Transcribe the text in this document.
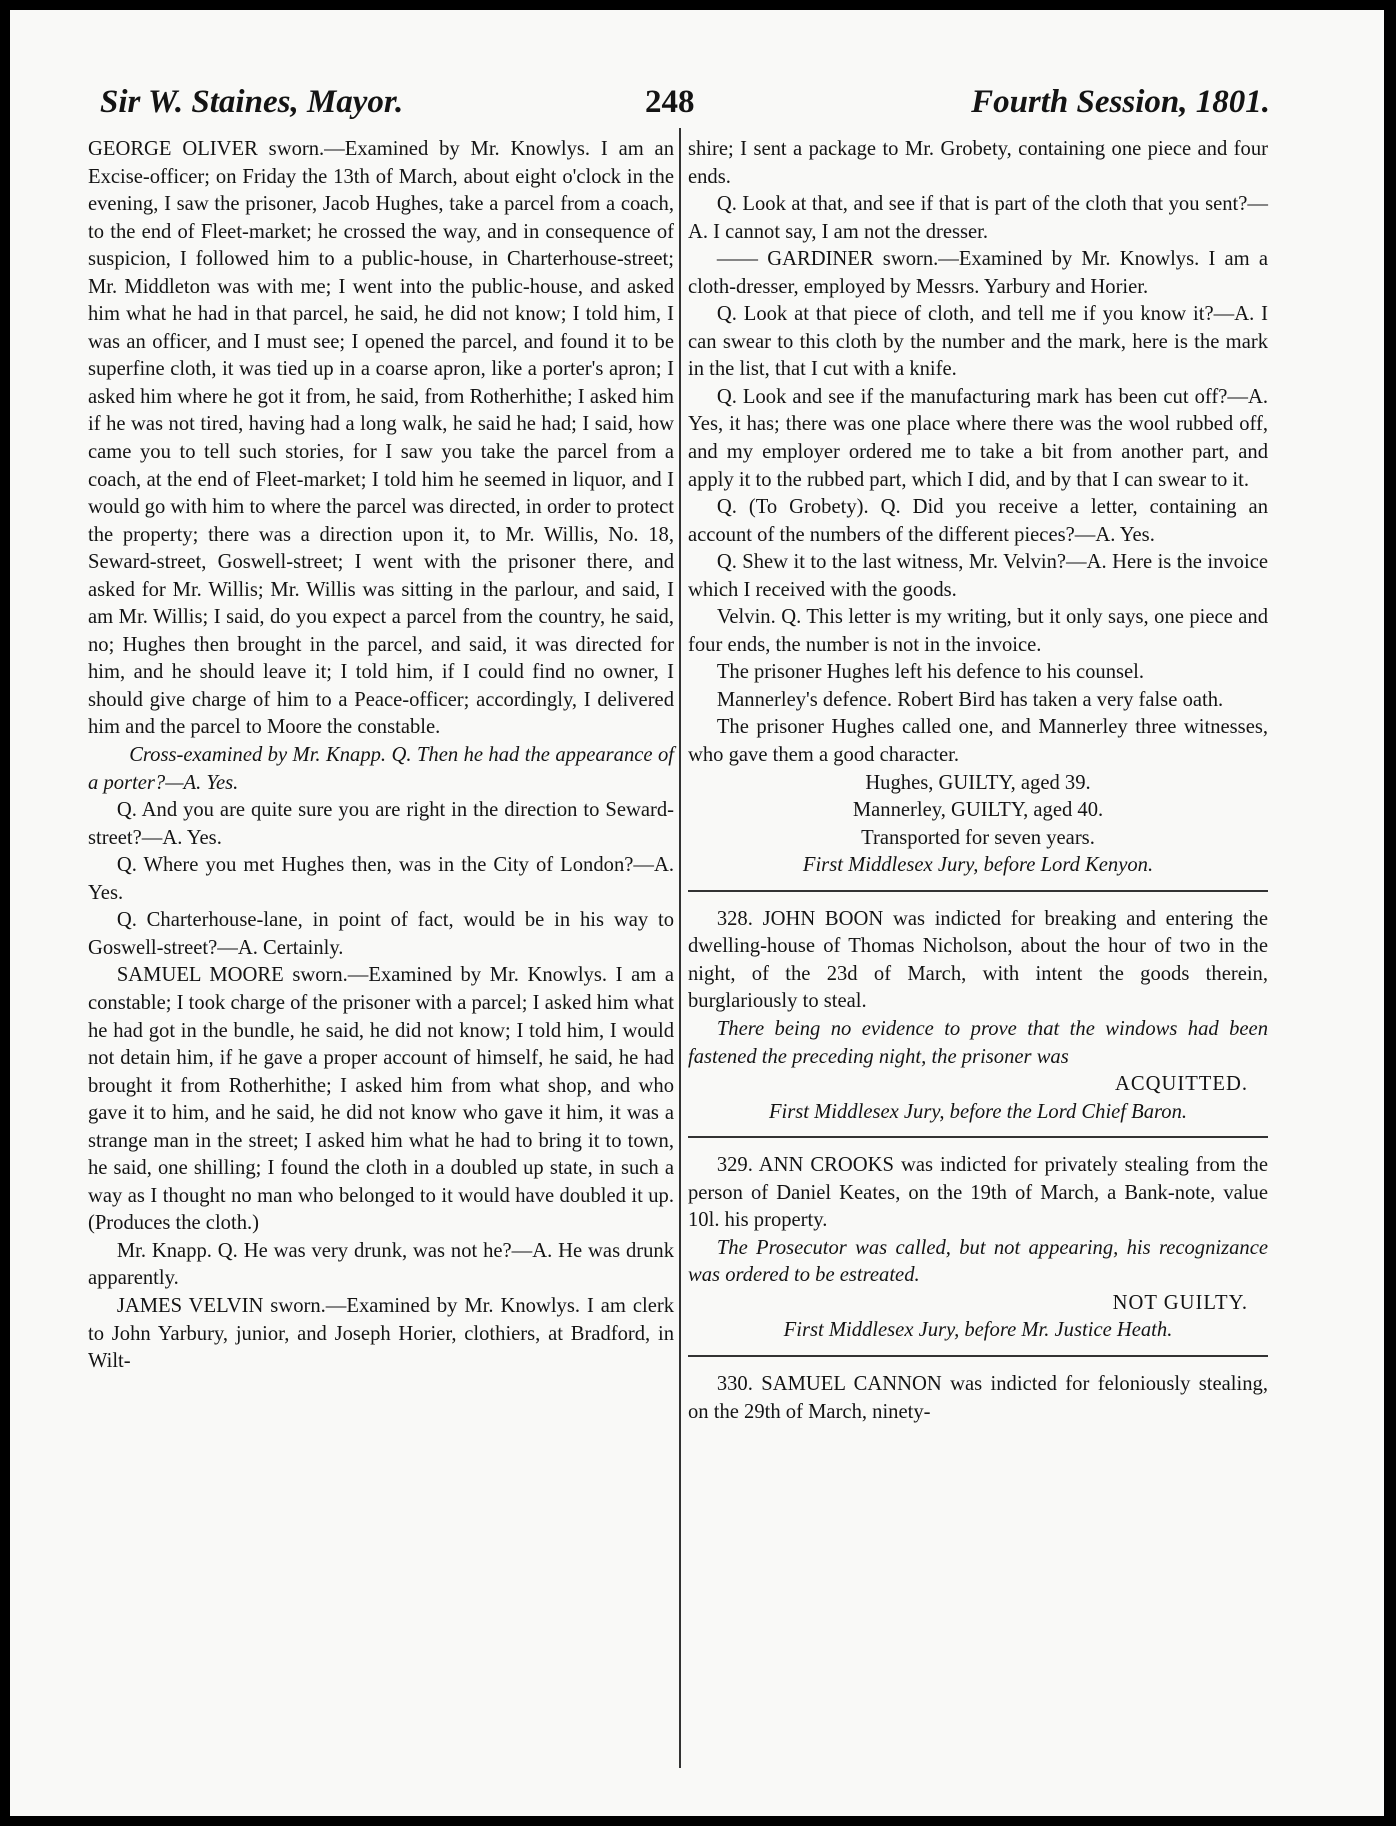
Sir W. Staines, Mayor.	248	Fourth Session, 1801.

GEORGE OLIVER sworn.—Examined by Mr. Knowlys. I am an Excise-officer; on Friday the 13th of March, about eight o'clock in the evening, I saw the prisoner, Jacob Hughes, take a parcel from a coach, to the end of Fleet-market; he crossed the way, and in consequence of suspicion, I followed him to a public-house, in Charterhouse-street; Mr. Middleton was with me; I went into the public-house, and asked him what he had in that parcel, he said, he did not know; I told him, I was an officer, and I must see; I opened the parcel, and found it to be superfine cloth, it was tied up in a coarse apron, like a porter's apron; I asked him where he got it from, he said, from Rotherhithe; I asked him if he was not tired, having had a long walk, he said he had; I said, how came you to tell such stories, for I saw you take the parcel from a coach, at the end of Fleet-market; I told him he seemed in liquor, and I would go with him to where the parcel was directed, in order to protect the property; there was a direction upon it, to Mr. Willis, No. 18, Seward-street, Goswell-street; I went with the prisoner there, and asked for Mr. Willis; Mr. Willis was sitting in the parlour, and said, I am Mr. Willis; I said, do you expect a parcel from the country, he said, no; Hughes then brought in the parcel, and said, it was directed for him, and he should leave it; I told him, if I could find no owner, I should give charge of him to a Peace-officer; accordingly, I delivered him and the parcel to Moore the constable.

Cross-examined by Mr. Knapp. Q. Then he had the appearance of a porter?—A. Yes.

Q. And you are quite sure you are right in the direction to Seward-street?—A. Yes.

Q. Where you met Hughes then, was in the City of London?—A. Yes.

Q. Charterhouse-lane, in point of fact, would be in his way to Goswell-street?—A. Certainly.

SAMUEL MOORE sworn.—Examined by Mr. Knowlys. I am a constable; I took charge of the prisoner with a parcel; I asked him what he had got in the bundle, he said, he did not know; I told him, I would not detain him, if he gave a proper account of himself, he said, he had brought it from Rotherhithe; I asked him from what shop, and who gave it to him, and he said, he did not know who gave it him, it was a strange man in the street; I asked him what he had to bring it to town, he said, one shilling; I found the cloth in a doubled up state, in such a way as I thought no man who belonged to it would have doubled it up. (Produces the cloth.)

Mr. Knapp. Q. He was very drunk, was not he?—A. He was drunk apparently.

JAMES VELVIN sworn.—Examined by Mr. Knowlys. I am clerk to John Yarbury, junior, and Joseph Horier, clothiers, at Bradford, in Wilt-

shire; I sent a package to Mr. Grobety, containing one piece and four ends.

Q. Look at that, and see if that is part of the cloth that you sent?—A. I cannot say, I am not the dresser.

—— GARDINER sworn.—Examined by Mr. Knowlys. I am a cloth-dresser, employed by Messrs. Yarbury and Horier.

Q. Look at that piece of cloth, and tell me if you know it?—A. I can swear to this cloth by the number and the mark, here is the mark in the list, that I cut with a knife.

Q. Look and see if the manufacturing mark has been cut off?—A. Yes, it has; there was one place where there was the wool rubbed off, and my employer ordered me to take a bit from another part, and apply it to the rubbed part, which I did, and by that I can swear to it.

Q. (To Grobety). Q. Did you receive a letter, containing an account of the numbers of the different pieces?—A. Yes.

Q. Shew it to the last witness, Mr. Velvin?—A. Here is the invoice which I received with the goods.

Velvin. Q. This letter is my writing, but it only says, one piece and four ends, the number is not in the invoice.

The prisoner Hughes left his defence to his counsel.

Mannerley's defence. Robert Bird has taken a very false oath.

The prisoner Hughes called one, and Mannerley three witnesses, who gave them a good character.

Hughes, GUILTY, aged 39.

Mannerley, GUILTY, aged 40.

Transported for seven years.

First Middlesex Jury, before Lord Kenyon.

328. JOHN BOON was indicted for breaking and entering the dwelling-house of Thomas Nicholson, about the hour of two in the night, of the 23d of March, with intent the goods therein, burglariously to steal.

There being no evidence to prove that the windows had been fastened the preceding night, the prisoner was

ACQUITTED.

First Middlesex Jury, before the Lord Chief Baron.

329. ANN CROOKS was indicted for privately stealing from the person of Daniel Keates, on the 19th of March, a Bank-note, value 10l. his property.

The Prosecutor was called, but not appearing, his recognizance was ordered to be estreated.

NOT GUILTY.

First Middlesex Jury, before Mr. Justice Heath.

330. SAMUEL CANNON was indicted for feloniously stealing, on the 29th of March, ninety-
